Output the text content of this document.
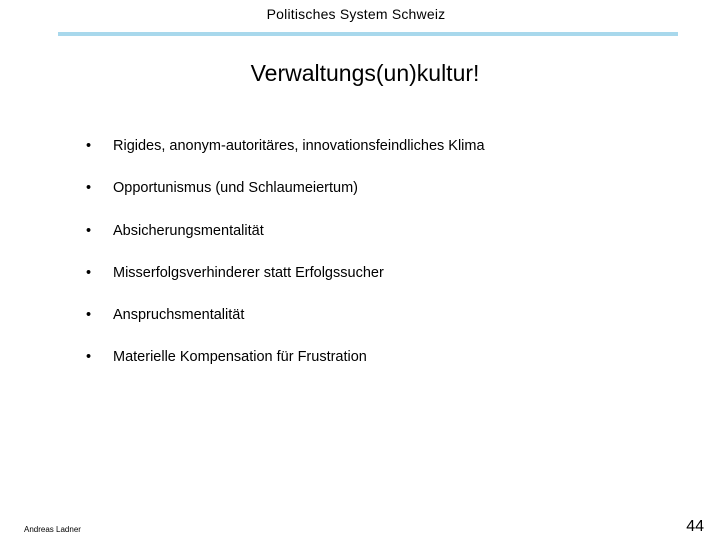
Politisches System Schweiz
Verwaltungs(un)kultur!
•	Rigides, anonym-autoritäres, innovationsfeindliches Klima
•	Opportunismus (und Schlaumeiertum)
•	Absicherungsmentalität
•	Misserfolgsverhinderer statt Erfolgssucher
•	Anspruchsmentalität
•	Materielle Kompensation für Frustration
Andreas Ladner	44
